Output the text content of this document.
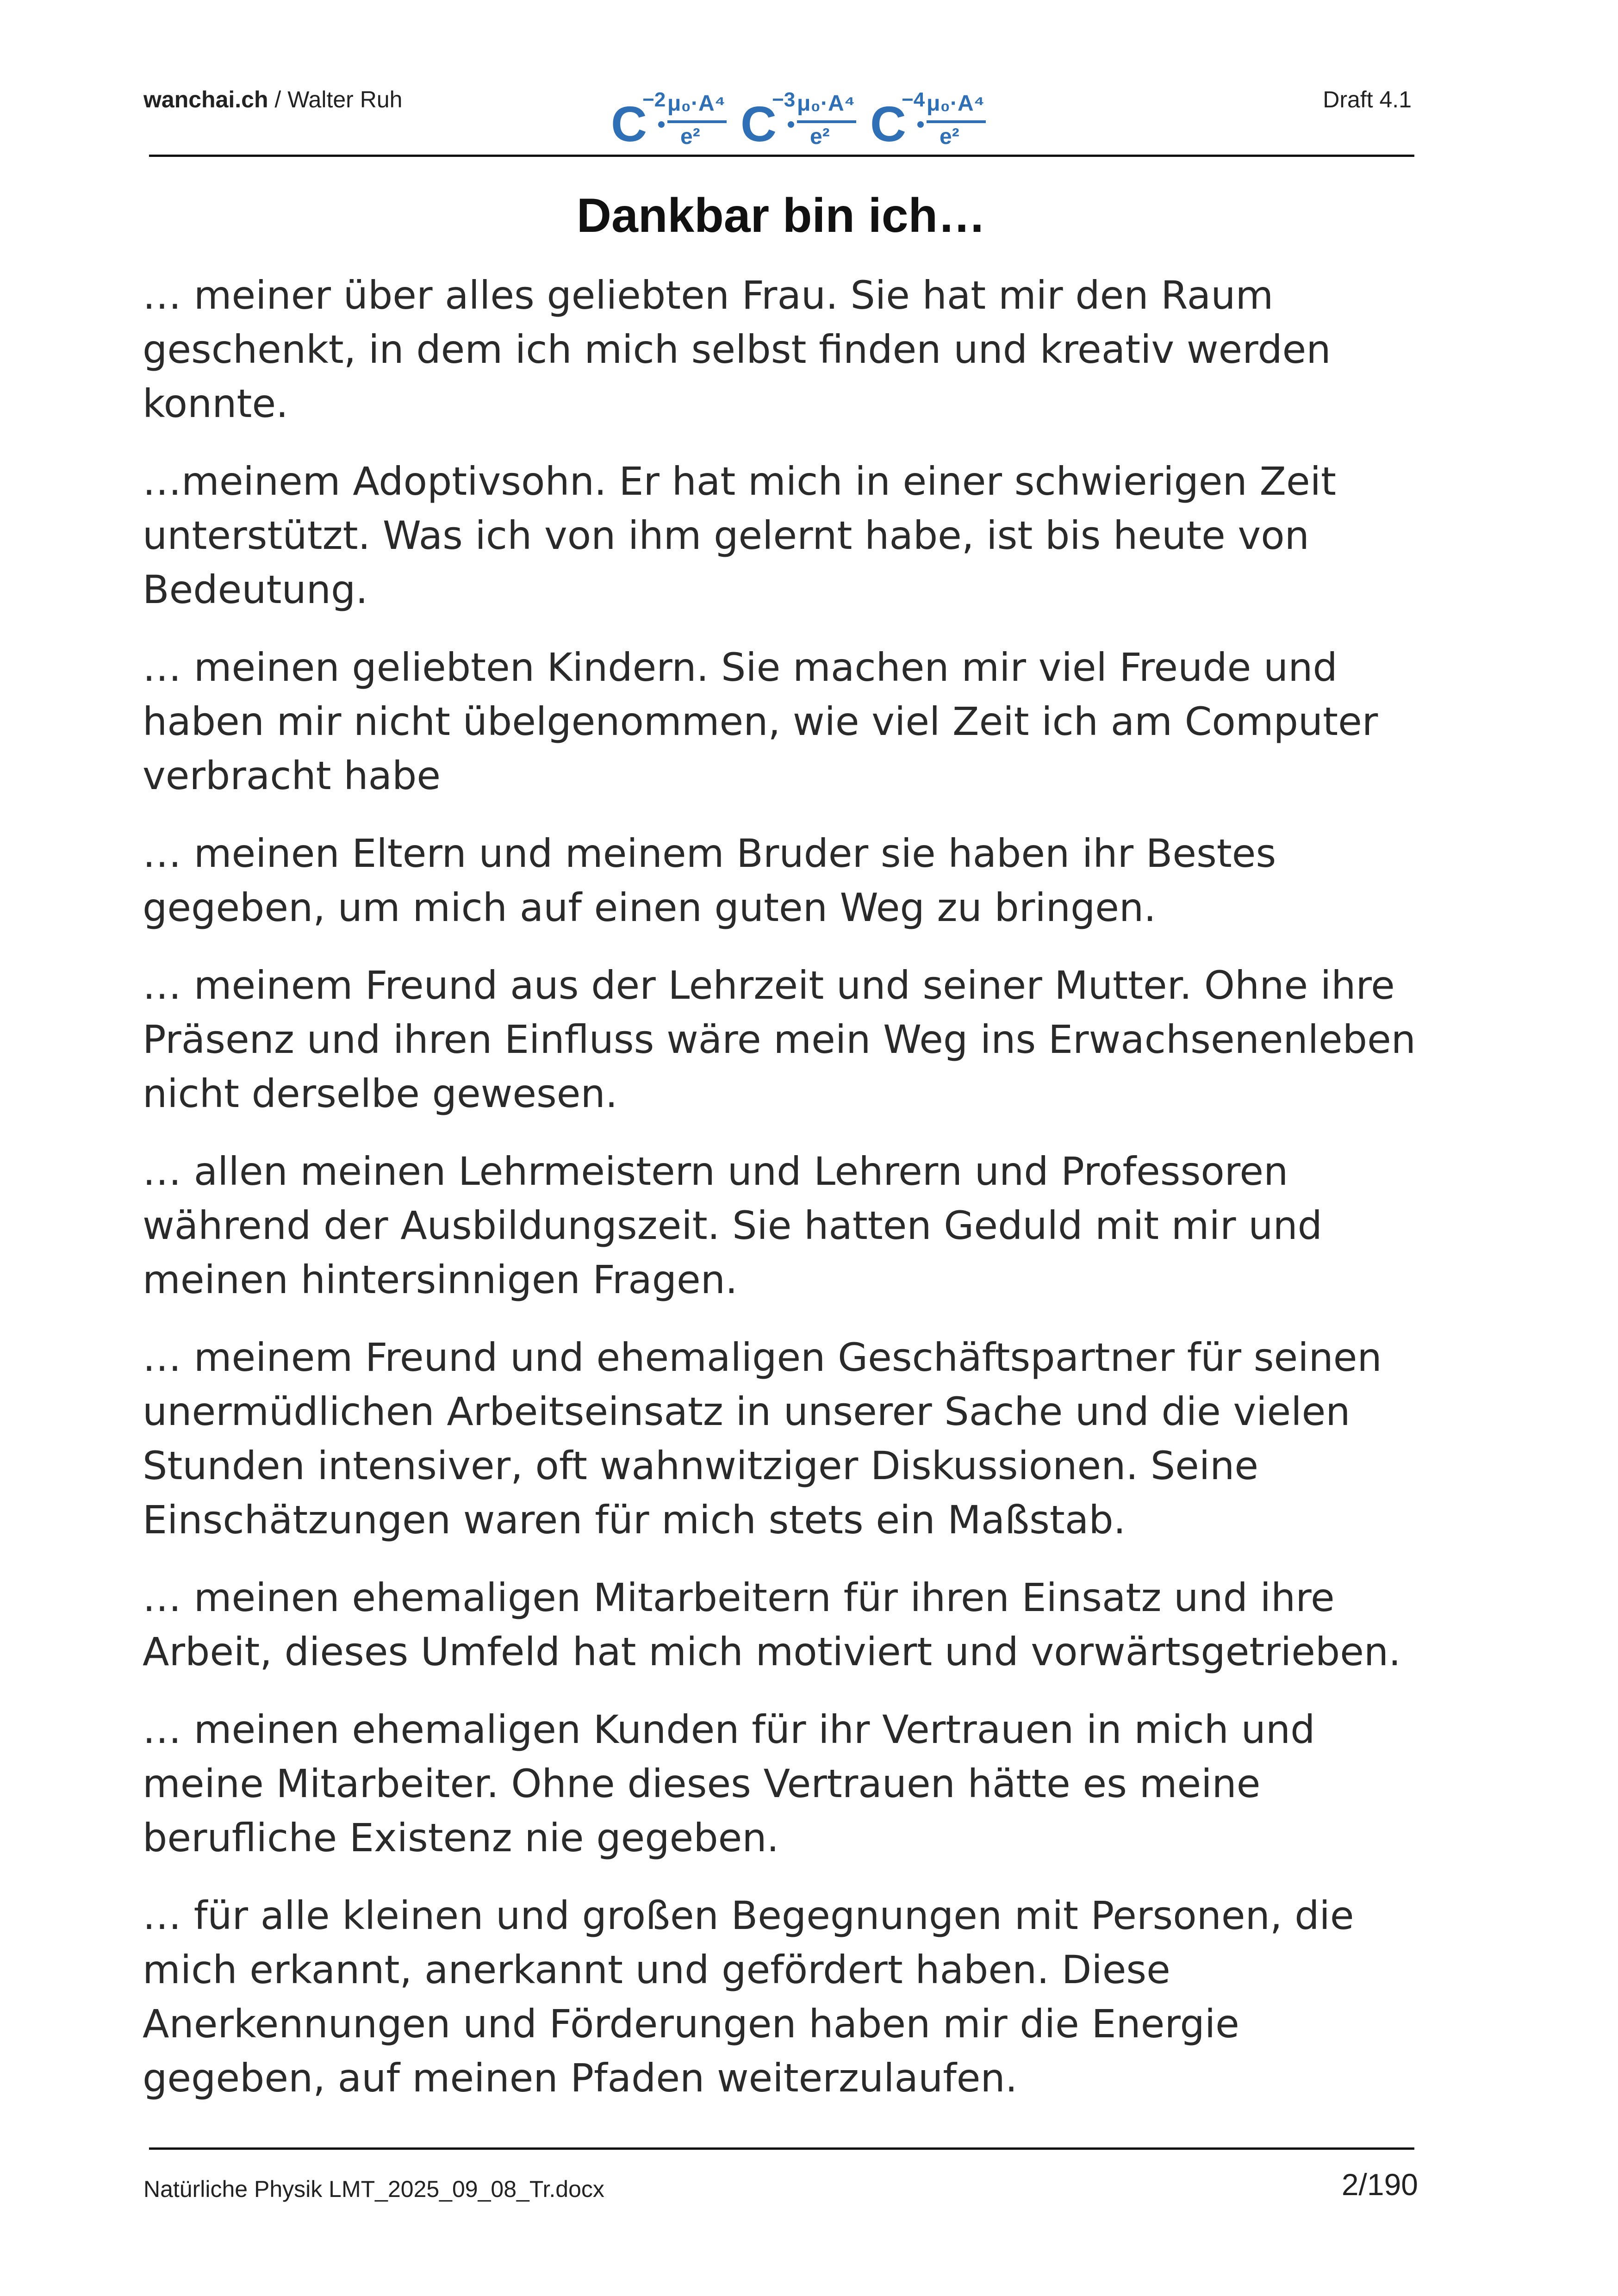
wanchai.ch / Walter Ruh	C
−2 μ₀·A⁴
e² C
−3 μ₀·A⁴
e² C
−4 μ₀·A⁴
e²
Draft 4.1
Dankbar bin ich…

… meiner über alles geliebten Frau. Sie hat mir den Raum geschenkt, in dem ich mich selbst finden und kreativ werden konnte.

…meinem Adoptivsohn. Er hat mich in einer schwierigen Zeit unterstützt. Was ich von ihm gelernt habe, ist bis heute von Bedeutung.

… meinen geliebten Kindern. Sie machen mir viel Freude und haben mir nicht übelgenommen, wie viel Zeit ich am Computer verbracht habe

… meinen Eltern und meinem Bruder sie haben ihr Bestes gegeben, um mich auf einen guten Weg zu bringen.

… meinem Freund aus der Lehrzeit und seiner Mutter. Ohne ihre Präsenz und ihren Einfluss wäre mein Weg ins Erwachsenenleben nicht derselbe gewesen.

… allen meinen Lehrmeistern und Lehrern und Professoren während der Ausbildungszeit. Sie hatten Geduld mit mir und meinen hintersinnigen Fragen.

… meinem Freund und ehemaligen Geschäftspartner für seinen unermüdlichen Arbeitseinsatz in unserer Sache und die vielen Stunden intensiver, oft wahnwitziger Diskussionen. Seine Einschätzungen waren für mich stets ein Maßstab.

… meinen ehemaligen Mitarbeitern für ihren Einsatz und ihre Arbeit, dieses Umfeld hat mich motiviert und vorwärtsgetrieben.

… meinen ehemaligen Kunden für ihr Vertrauen in mich und meine Mitarbeiter. Ohne dieses Vertrauen hätte es meine berufliche Existenz nie gegeben.

… für alle kleinen und großen Begegnungen mit Personen, die mich erkannt, anerkannt und gefördert haben. Diese Anerkennungen und Förderungen haben mir die Energie gegeben, auf meinen Pfaden weiterzulaufen.

Natürliche Physik LMT_2025_09_08_Tr.docx	2/190
